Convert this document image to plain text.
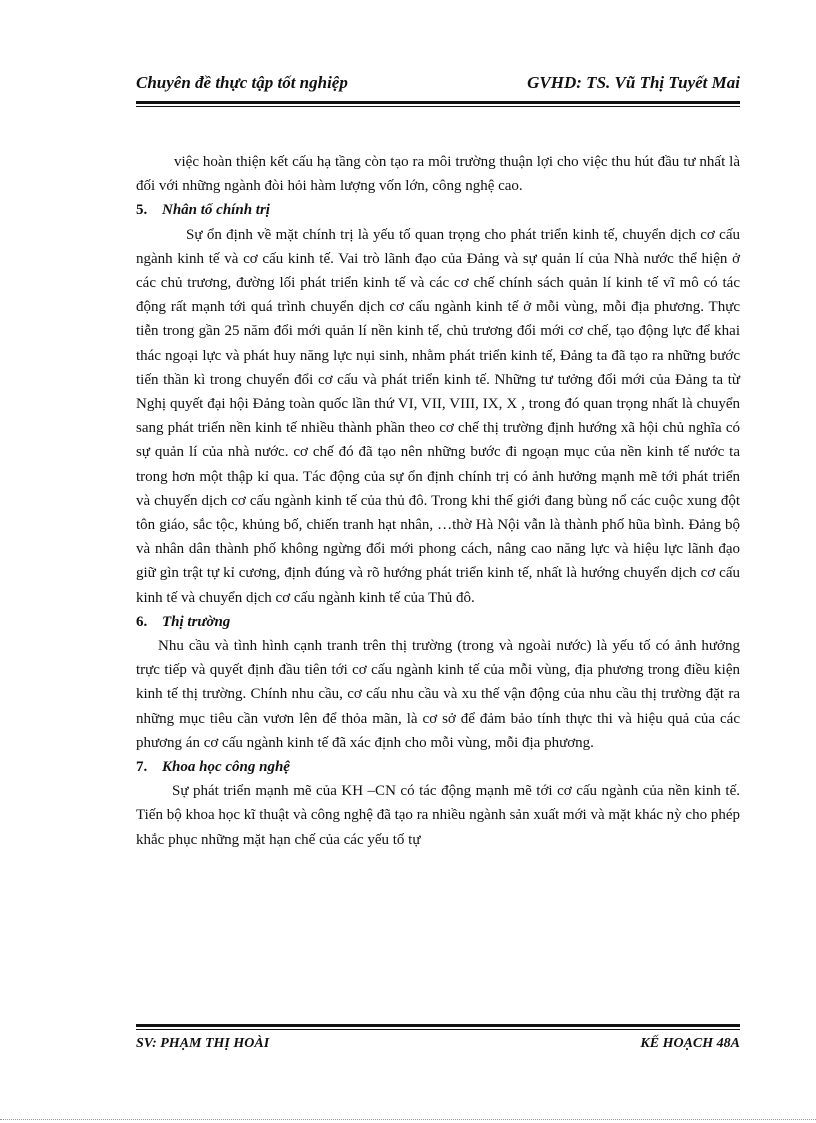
Chuyên đề thực tập tốt nghiệp	GVHD: TS. Vũ Thị Tuyết Mai

việc hoàn thiện kết cấu hạ tầng còn tạo ra môi trường thuận lợi cho việc thu hút đầu tư nhất là đối với những ngành đòi hỏi hàm lượng vốn lớn, công nghệ cao.

5. Nhân tố chính trị

Sự ổn định về mặt chính trị là yếu tố quan trọng cho phát triển kinh tế, chuyển dịch cơ cấu ngành kinh tế và cơ cấu kinh tế. Vai trò lãnh đạo của Đảng và sự quản lí của Nhà nước thể hiện ở các chủ trương, đường lối phát triển kinh tế và các cơ chế chính sách quản lí kinh tế vĩ mô có tác động rất mạnh tới quá trình chuyển dịch cơ cấu ngành kinh tế ở mỗi vùng, mỗi địa phương. Thực tiễn trong gần 25 năm đổi mới quản lí nền kinh tế, chủ trương đổi mới cơ chế, tạo động lực để khai thác ngoại lực và phát huy năng lực nụi sinh, nhằm phát triển kinh tế, Đảng ta đã tạo ra những bước tiến thần kì trong chuyển đổi cơ cấu và phát triển kinh tế. Những tư tưởng đổi mới của Đảng ta từ Nghị quyết đại hội Đảng toàn quốc lần thứ VI, VII, VIII, IX, X , trong đó quan trọng nhất là chuyển sang phát triển nền kinh tế nhiều thành phần theo cơ chế thị trường định hướng xã hội chủ nghĩa có sự quản lí của nhà nước. cơ chế đó đã tạo nên những bước đi ngoạn mục của nền kinh tế nước ta trong hơn một thập kỉ qua. Tác động của sự ổn định chính trị có ảnh hưởng mạnh mẽ tới phát triển và chuyển dịch cơ cấu ngành kinh tế của thủ đô. Trong khi thế giới đang bùng nổ các cuộc xung đột tôn giáo, sắc tộc, khủng bố, chiến tranh hạt nhân, …thờ Hà Nội vẫn là thành phố hũa bình. Đảng bộ và nhân dân thành phố không ngừng đổi mới phong cách, nâng cao năng lực và hiệu lực lãnh đạo giữ gìn trật tự kỉ cương, định đúng và rõ hướng phát triển kinh tế, nhất là hướng chuyển dịch cơ cấu kinh tế và chuyển dịch cơ cấu ngành kinh tế của Thủ đô.

6. Thị trường

Nhu cầu và tình hình cạnh tranh trên thị trường (trong và ngoài nước) là yếu tố có ảnh hưởng trực tiếp và quyết định đầu tiên tới cơ cấu ngành kinh tế của mỗi vùng, địa phương trong điều kiện kinh tế thị trường. Chính nhu cầu, cơ cấu nhu cầu và xu thế vận động của nhu cầu thị trường đặt ra những mục tiêu cần vươn lên để thỏa mãn, là cơ sở để đảm bảo tính thực thi và hiệu quả của các phương án cơ cấu ngành kinh tế đã xác định cho mỗi vùng, mỗi địa phương.

7. Khoa học công nghệ

Sự phát triển mạnh mẽ của KH –CN có tác động mạnh mẽ tới cơ cấu ngành của nền kinh tế. Tiến bộ khoa học kĩ thuật và công nghệ đã tạo ra nhiều ngành sản xuất mới và mặt khác nỳ cho phép khắc phục những mặt hạn chế của các yếu tố tự

SV: PHẠM THỊ HOÀI	KẾ HOẠCH 48A
